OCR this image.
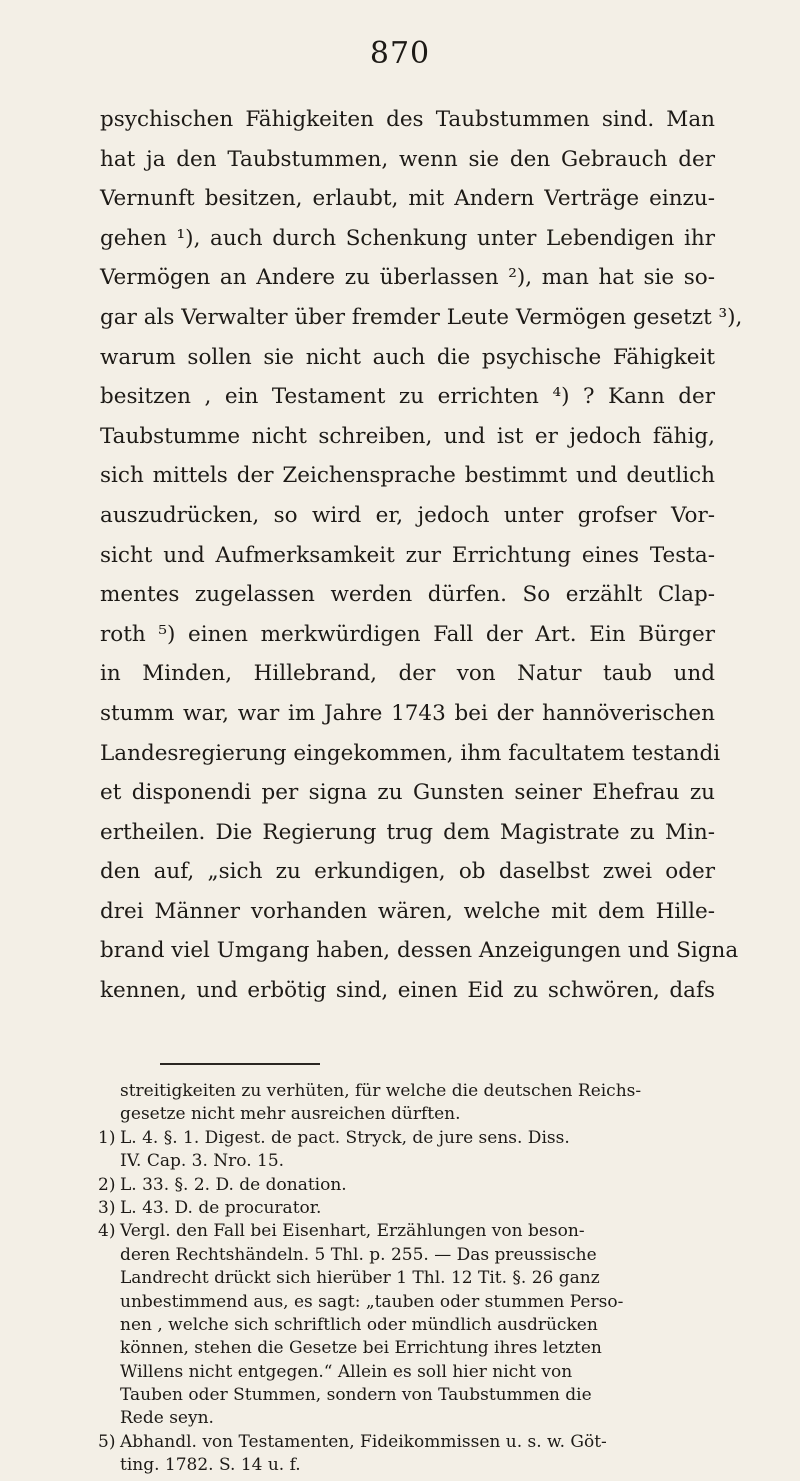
870
psychischen Fähigkeiten des Taubstummen sind. Man
hat ja den Taubstummen, wenn sie den Gebrauch der
Vernunft besitzen, erlaubt, mit Andern Verträge einzu-
gehen ¹), auch durch Schenkung unter Lebendigen ihr
Vermögen an Andere zu überlassen ²), man hat sie so-
gar als Verwalter über fremder Leute Vermögen gesetzt ³),
warum sollen sie nicht auch die psychische Fähigkeit
besitzen , ein Testament zu errichten ⁴) ? Kann der
Taubstumme nicht schreiben, und ist er jedoch fähig,
sich mittels der Zeichensprache bestimmt und deutlich
auszudrücken, so wird er, jedoch unter grofser Vor-
sicht und Aufmerksamkeit zur Errichtung eines Testa-
mentes zugelassen werden dürfen. So erzählt Clap-
roth ⁵) einen merkwürdigen Fall der Art. Ein Bürger
in Minden, Hillebrand, der von Natur taub und
stumm war, war im Jahre 1743 bei der hannöverischen
Landesregierung eingekommen, ihm facultatem testandi
et disponendi per signa zu Gunsten seiner Ehefrau zu
ertheilen. Die Regierung trug dem Magistrate zu Min-
den auf, „sich zu erkundigen, ob daselbst zwei oder
drei Männer vorhanden wären, welche mit dem Hille-
brand viel Umgang haben, dessen Anzeigungen und Signa
kennen, und erbötig sind, einen Eid zu schwören, dafs
streitigkeiten zu verhüten, für welche die deutschen Reichs-
gesetze nicht mehr ausreichen dürften.
1) L. 4. §. 1. Digest. de pact. Stryck, de jure sens. Diss.
IV. Cap. 3. Nro. 15.
2) L. 33. §. 2. D. de donation.
3) L. 43. D. de procurator.
4) Vergl. den Fall bei Eisenhart, Erzählungen von beson-
deren Rechtshändeln. 5 Thl. p. 255. — Das preussische
Landrecht drückt sich hierüber 1 Thl. 12 Tit. §. 26 ganz
unbestimmend aus, es sagt: „tauben oder stummen Perso-
nen , welche sich schriftlich oder mündlich ausdrücken
können, stehen die Gesetze bei Errichtung ihres letzten
Willens nicht entgegen.“ Allein es soll hier nicht von
Tauben oder Stummen, sondern von Taubstummen die
Rede seyn.
5) Abhandl. von Testamenten, Fideikommissen u. s. w. Göt-
ting. 1782. S. 14 u. f.
